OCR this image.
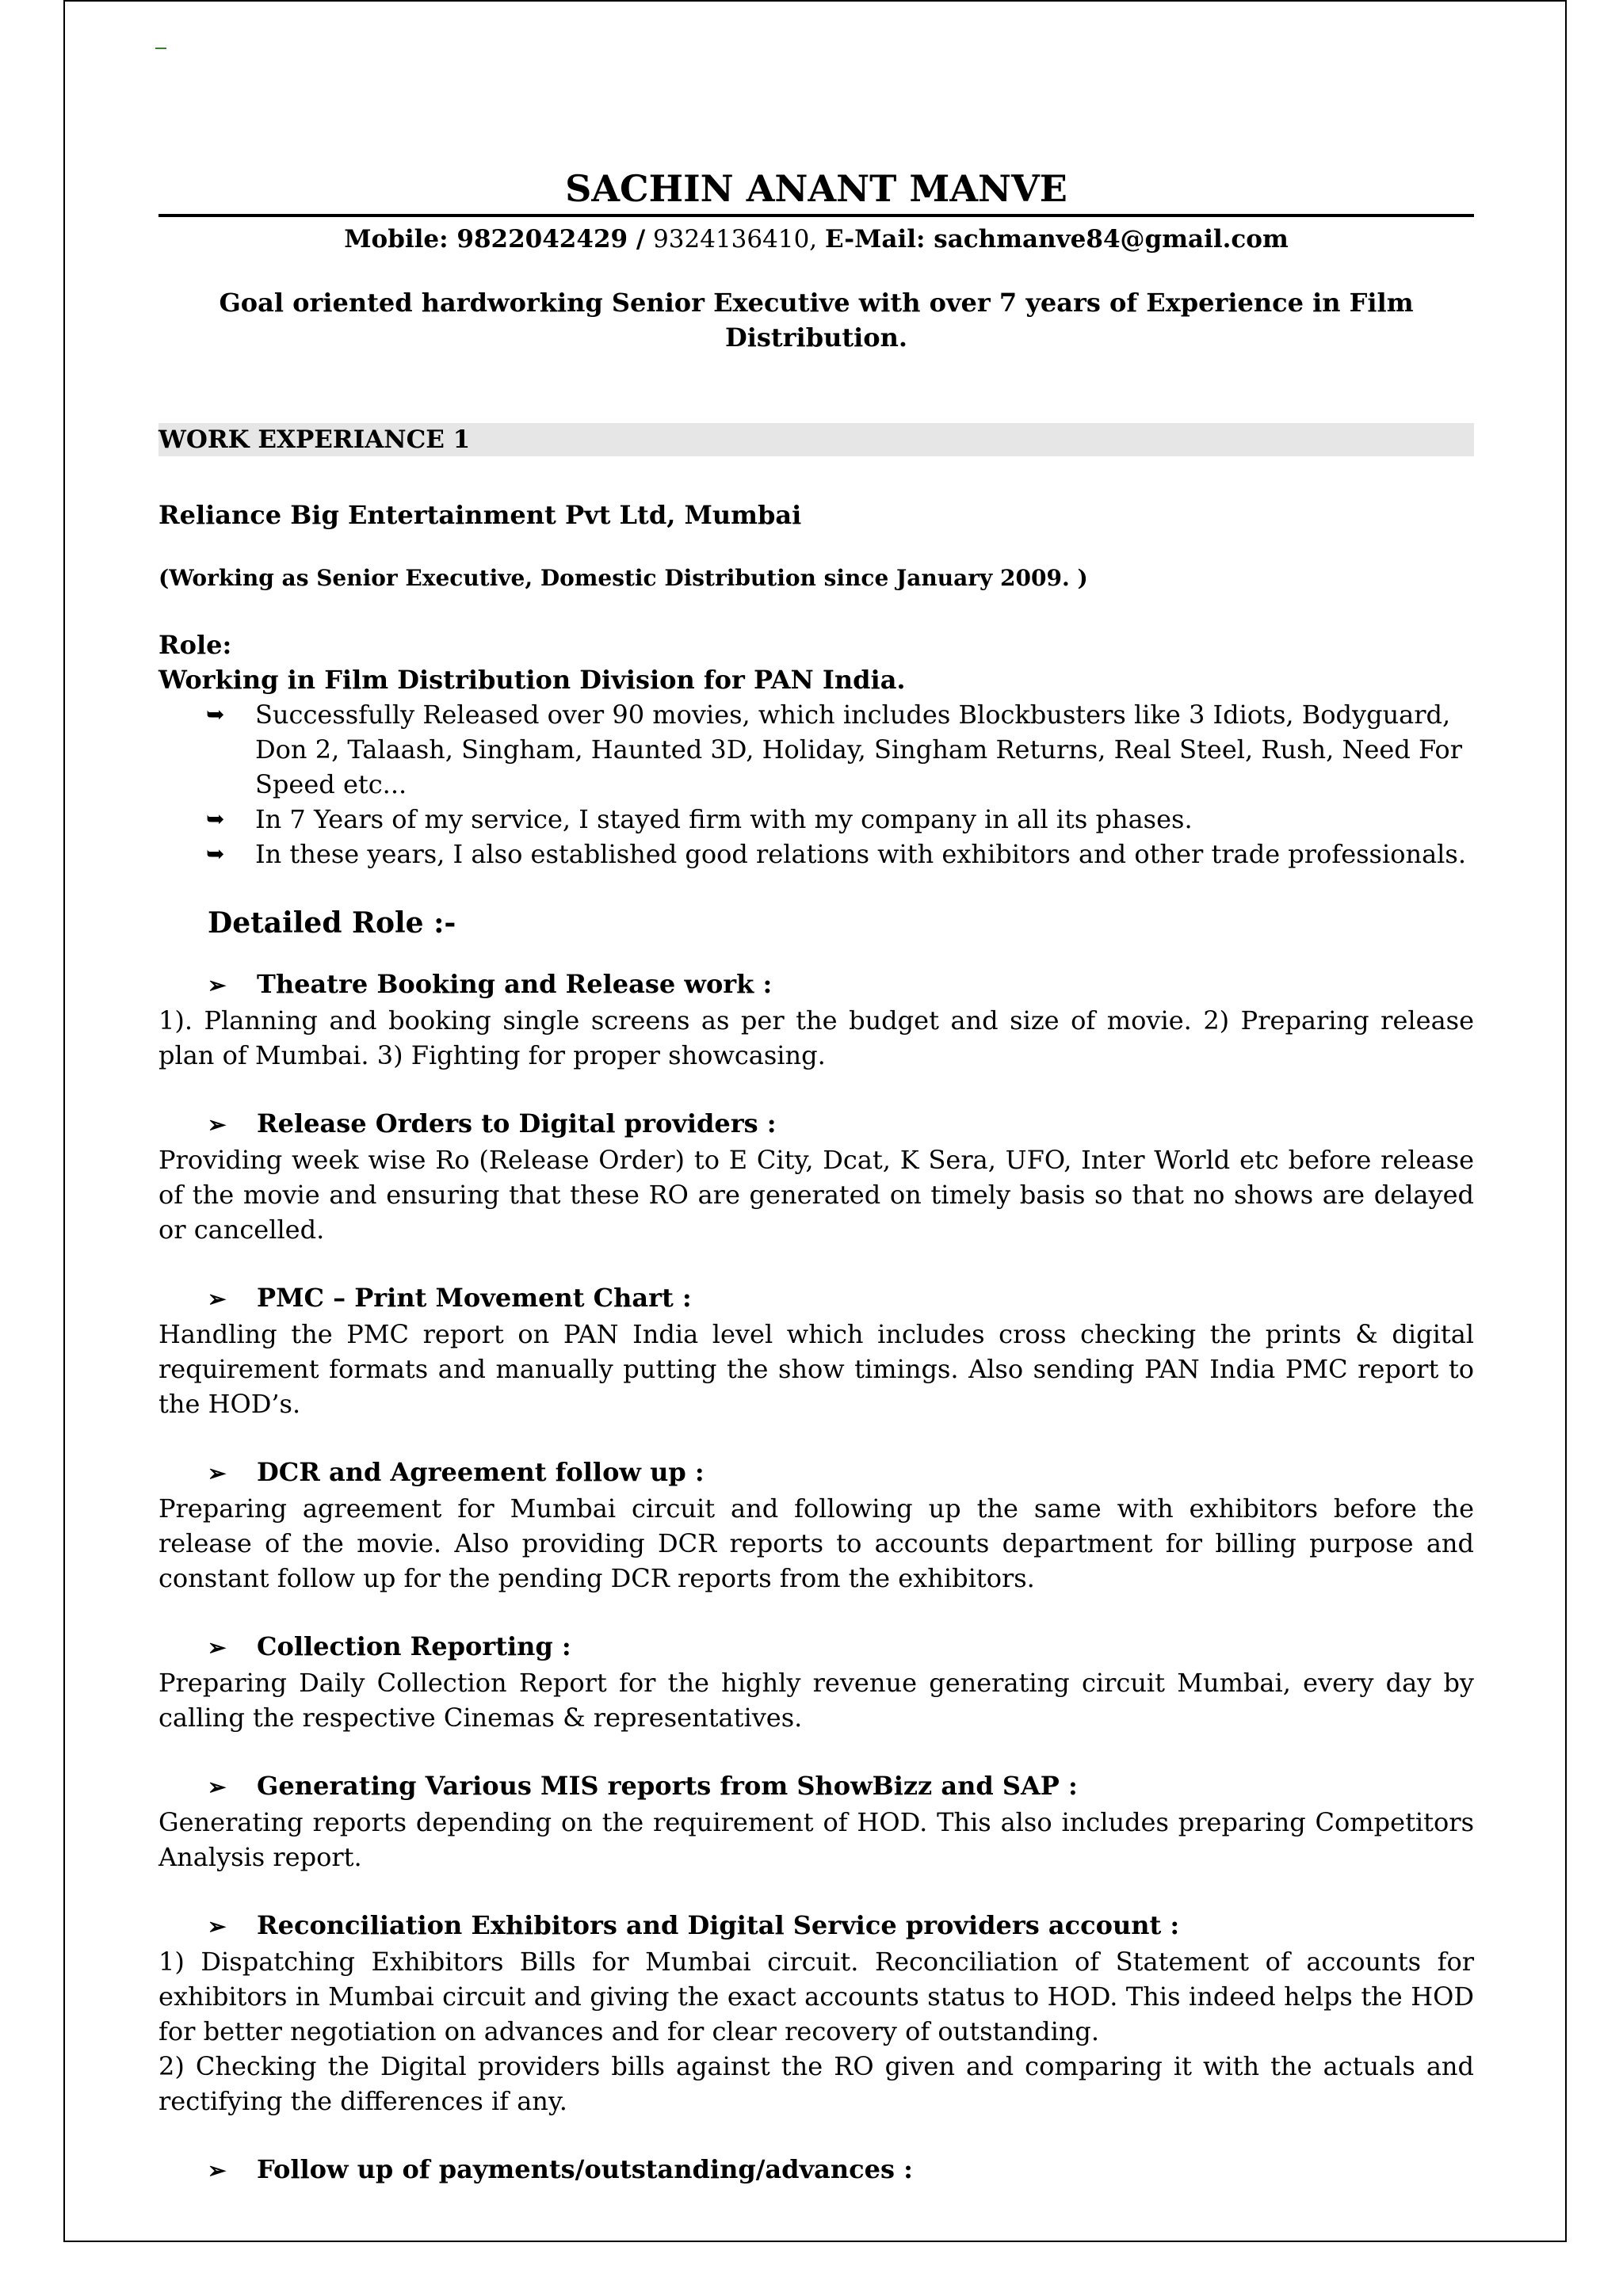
SACHIN ANANT MANVE
Mobile: 9822042429 / 9324136410, E-Mail: sachmanve84@gmail.com
Goal oriented hardworking Senior Executive with over 7 years of Experience in Film Distribution.
WORK EXPERIANCE 1
Reliance Big Entertainment Pvt Ltd, Mumbai
(Working as Senior Executive, Domestic Distribution since January 2009. )
Role:
Working in Film Distribution Division for PAN India.
➥ Successfully Released over 90 movies, which includes Blockbusters like 3 Idiots, Bodyguard, Don 2, Talaash, Singham, Haunted 3D, Holiday, Singham Returns, Real Steel, Rush, Need For Speed etc...
➥ In 7 Years of my service, I stayed firm with my company in all its phases.
➥ In these years, I also established good relations with exhibitors and other trade professionals.
Detailed Role :-
➢ Theatre Booking and Release work :
1). Planning and booking single screens as per the budget and size of movie. 2) Preparing release plan of Mumbai. 3) Fighting for proper showcasing.
➢ Release Orders to Digital providers :
Providing week wise Ro (Release Order) to E City, Dcat, K Sera, UFO, Inter World etc before release of the movie and ensuring that these RO are generated on timely basis so that no shows are delayed or cancelled.
➢ PMC – Print Movement Chart :
Handling the PMC report on PAN India level which includes cross checking the prints & digital requirement formats and manually putting the show timings. Also sending PAN India PMC report to the HOD’s.
➢ DCR and Agreement follow up :
Preparing agreement for Mumbai circuit and following up the same with exhibitors before the release of the movie. Also providing DCR reports to accounts department for billing purpose and constant follow up for the pending DCR reports from the exhibitors.
➢ Collection Reporting :
Preparing Daily Collection Report for the highly revenue generating circuit Mumbai, every day by calling the respective Cinemas & representatives.
➢ Generating Various MIS reports from ShowBizz and SAP :
Generating reports depending on the requirement of HOD. This also includes preparing Competitors Analysis report.
➢ Reconciliation Exhibitors and Digital Service providers account :
1) Dispatching Exhibitors Bills for Mumbai circuit. Reconciliation of Statement of accounts for exhibitors in Mumbai circuit and giving the exact accounts status to HOD. This indeed helps the HOD for better negotiation on advances and for clear recovery of outstanding.
2) Checking the Digital providers bills against the RO given and comparing it with the actuals and rectifying the differences if any.
➢ Follow up of payments/outstanding/advances :
